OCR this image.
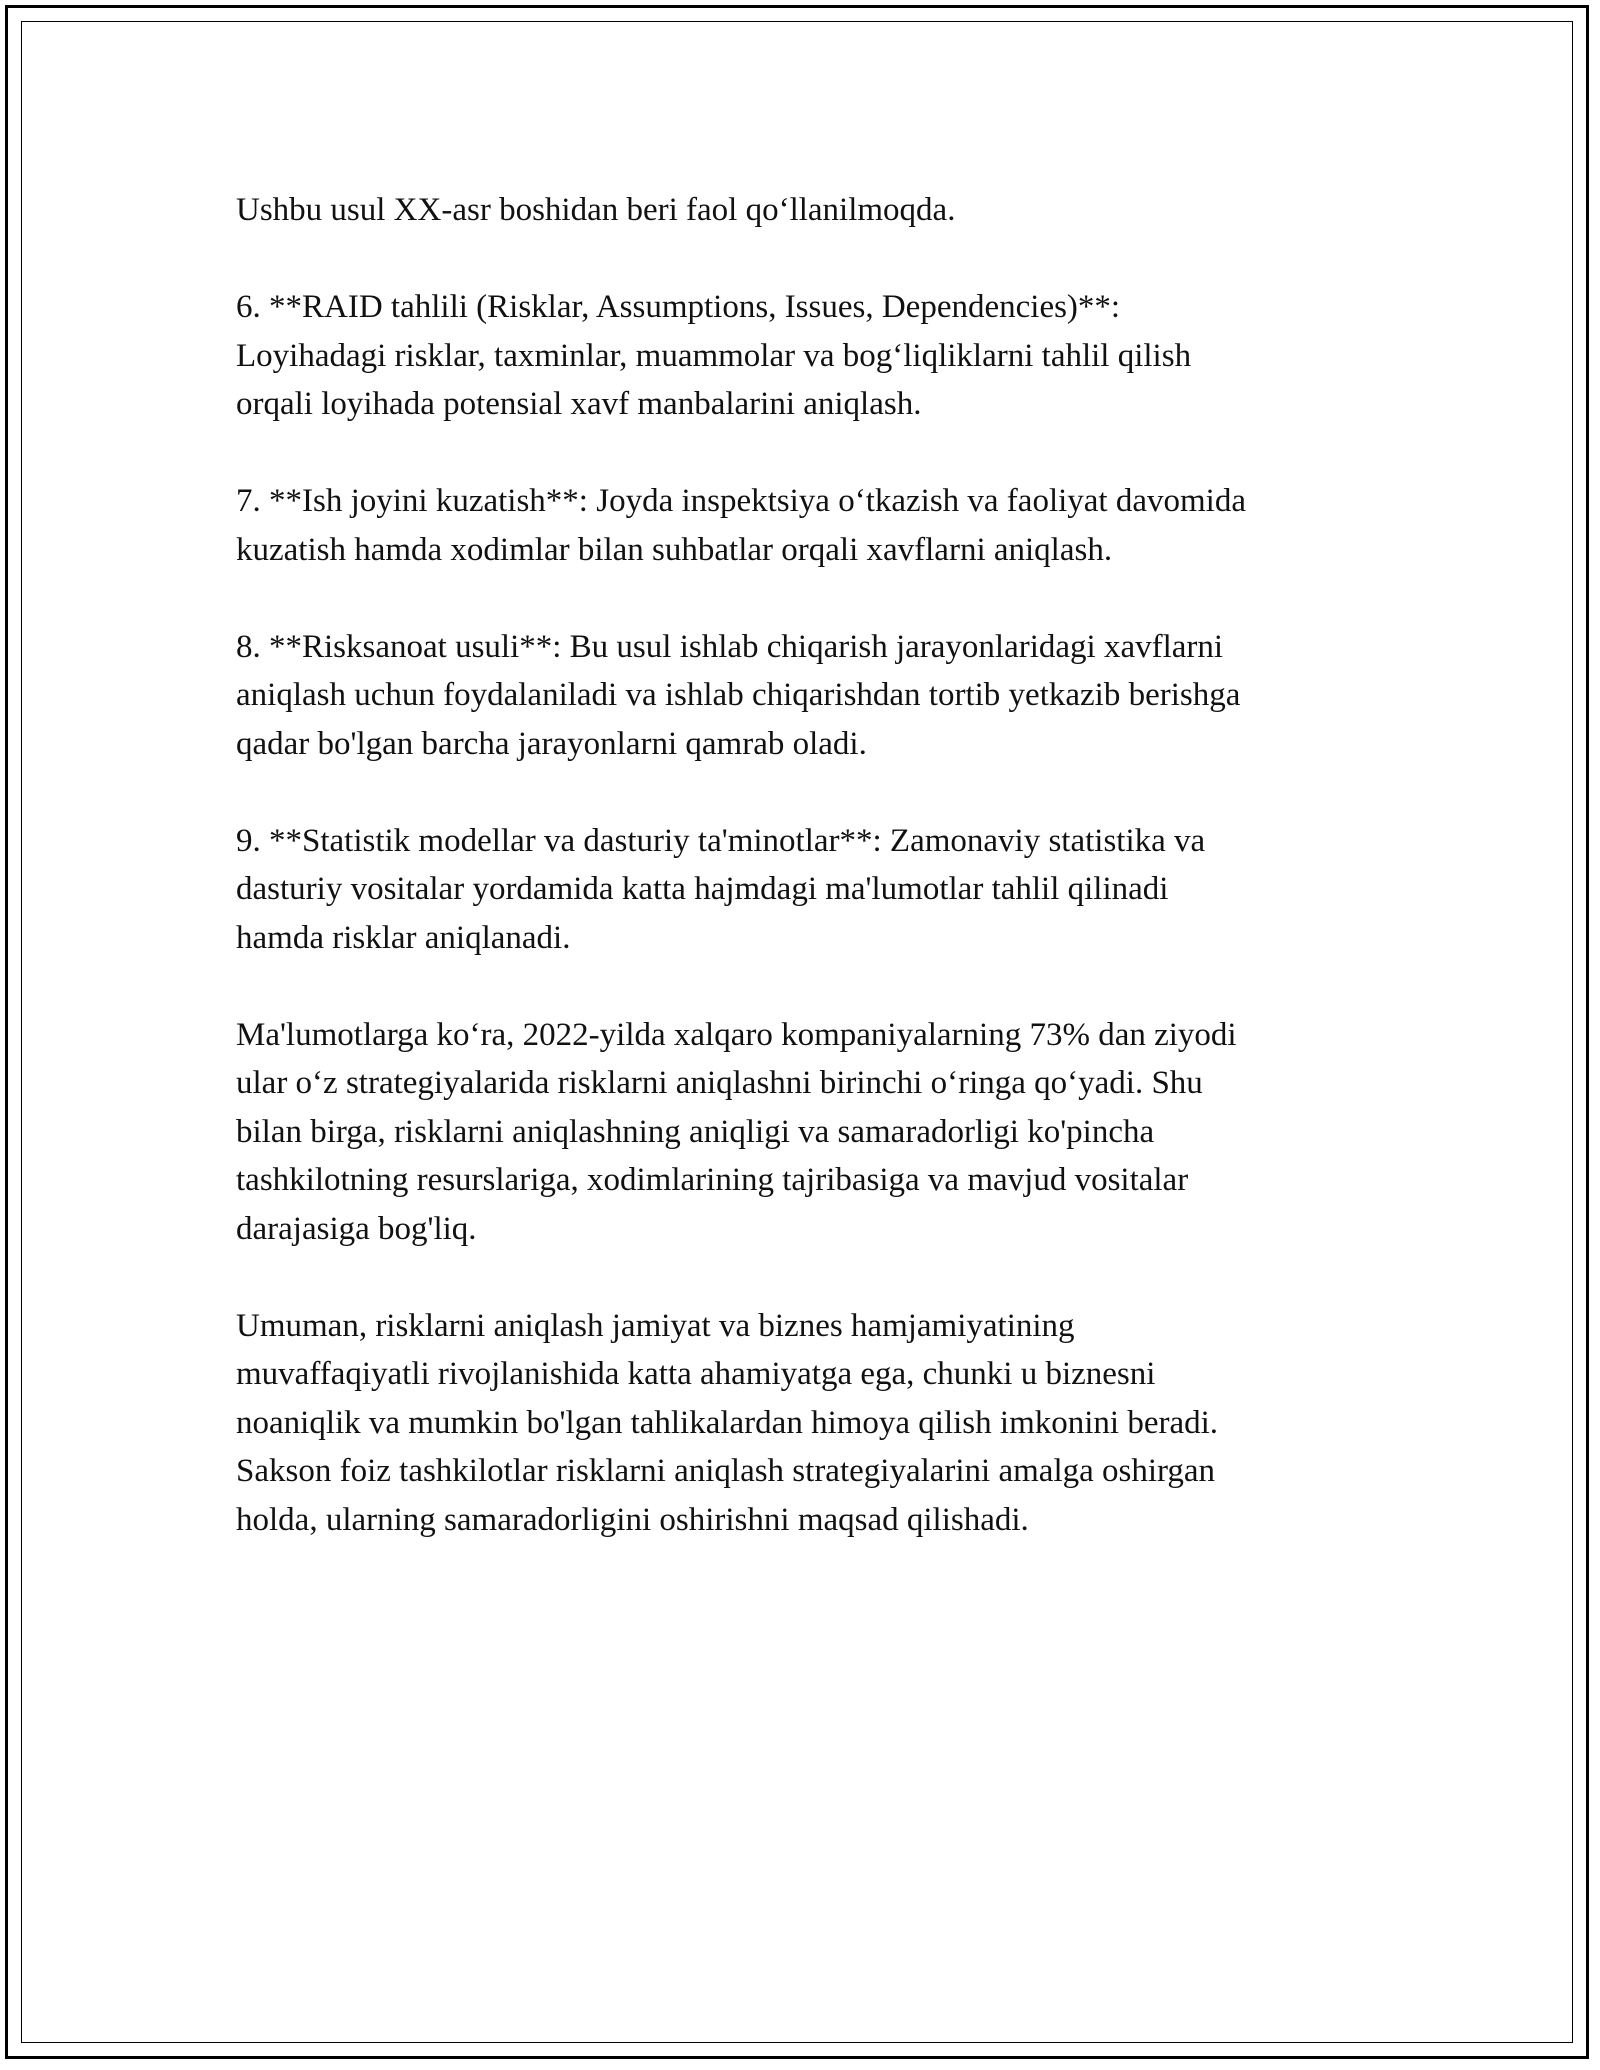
Ushbu usul XX-asr boshidan beri faol qo‘llanilmoqda.

6. **RAID tahlili (Risklar, Assumptions, Issues, Dependencies)**:
Loyihadagi risklar, taxminlar, muammolar va bog‘liqliklarni tahlil qilish
orqali loyihada potensial xavf manbalarini aniqlash.

7. **Ish joyini kuzatish**: Joyda inspektsiya o‘tkazish va faoliyat davomida
kuzatish hamda xodimlar bilan suhbatlar orqali xavflarni aniqlash.

8. **Risksanoat usuli**: Bu usul ishlab chiqarish jarayonlaridagi xavflarni
aniqlash uchun foydalaniladi va ishlab chiqarishdan tortib yetkazib berishga
qadar bo'lgan barcha jarayonlarni qamrab oladi.

9. **Statistik modellar va dasturiy ta'minotlar**: Zamonaviy statistika va
dasturiy vositalar yordamida katta hajmdagi ma'lumotlar tahlil qilinadi
hamda risklar aniqlanadi.

Ma'lumotlarga ko‘ra, 2022-yilda xalqaro kompaniyalarning 73% dan ziyodi
ular o‘z strategiyalarida risklarni aniqlashni birinchi o‘ringa qo‘yadi. Shu
bilan birga, risklarni aniqlashning aniqligi va samaradorligi ko'pincha
tashkilotning resurslariga, xodimlarining tajribasiga va mavjud vositalar
darajasiga bog'liq.

Umuman, risklarni aniqlash jamiyat va biznes hamjamiyatining
muvaffaqiyatli rivojlanishida katta ahamiyatga ega, chunki u biznesni
noaniqlik va mumkin bo'lgan tahlikalardan himoya qilish imkonini beradi.
Sakson foiz tashkilotlar risklarni aniqlash strategiyalarini amalga oshirgan
holda, ularning samaradorligini oshirishni maqsad qilishadi.
